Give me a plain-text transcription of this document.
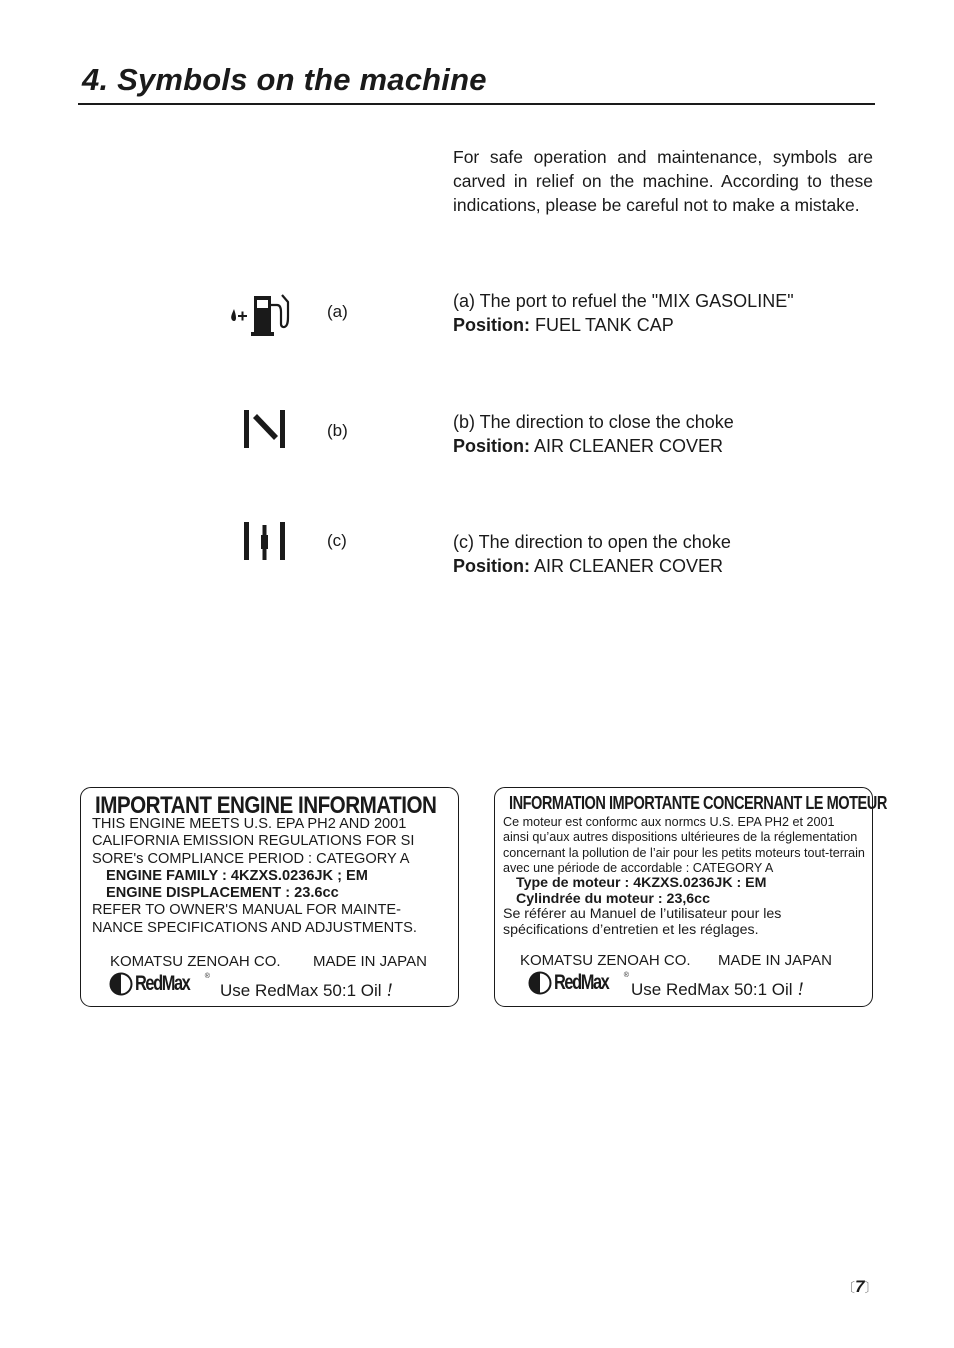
4. Symbols on the machine

For safe operation and maintenance, symbols are carved in relief on the machine. According to these indications, please be careful not to make a mistake.

(a)
(a) The port to refuel the "MIX GASOLINE"
Position: FUEL TANK CAP
(b)	(b) The direction to close the choke
Position: AIR CLEANER COVER
(c)	(c) The direction to open the choke
Position: AIR CLEANER COVER
IMPORTANT ENGINE INFORMATION
THIS ENGINE MEETS U.S. EPA PH2 AND 2001
CALIFORNIA EMISSION REGULATIONS FOR SI
SORE's COMPLIANCE PERIOD : CATEGORY A
ENGINE FAMILY : 4KZXS.0236JK ; EM
ENGINE DISPLACEMENT : 23.6cc
REFER TO OWNER'S MANUAL FOR MAINTE-
NANCE SPECIFICATIONS AND ADJUSTMENTS.
KOMATSU ZENOAH CO. MADE IN JAPAN
RedMax ®
Use RedMax 50:1 Oil !
INFORMATION IMPORTANTE CONCERNANT LE MOTEUR
Ce moteur est conformc aux normcs U.S. EPA PH2 et 2001
ainsi qu’aux autres dispositions ultérieures de la réglementation
concernant la pollution de l’air pour les petits moteurs tout-terrain
avec une période de accordable : CATEGORY A
Type de moteur : 4KZXS.0236JK : EM
Cylindrée du moteur : 23,6cc
Se référer au Manuel de l’utilisateur pour les
spécifications d’entretien et les réglages.
KOMATSU ZENOAH CO. MADE IN JAPAN
RedMax ®
Use RedMax 50:1 Oil !
〔7〕
